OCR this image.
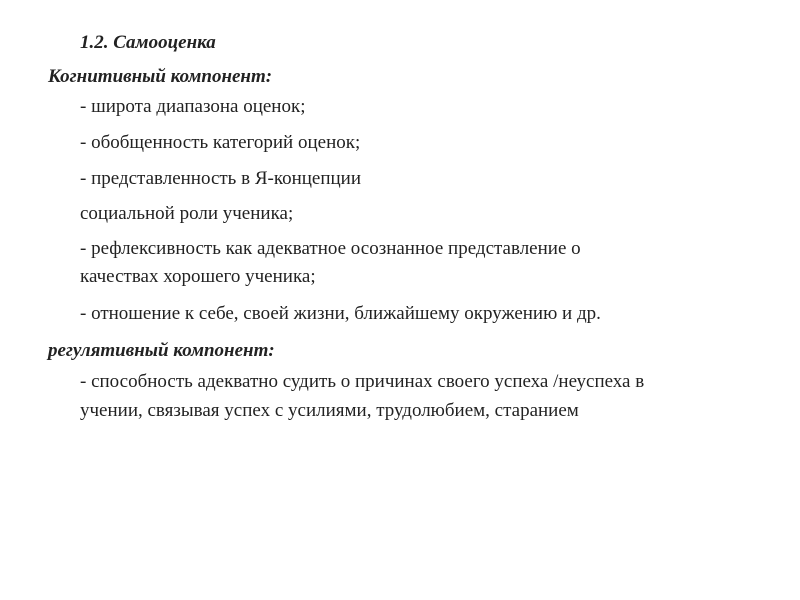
1.2. Самооценка
Когнитивный компонент:
- широта диапазона оценок;
- обобщенность категорий оценок;
- представленность в Я-концепции
социальной роли ученика;
- рефлексивность как адекватное осознанное представление о
качествах хорошего ученика;
- отношение к себе, своей жизни, ближайшему окружению и др.
регулятивный компонент:
- способность адекватно судить о причинах своего успеха /неуспеха в
учении, связывая успех с усилиями, трудолюбием, старанием
